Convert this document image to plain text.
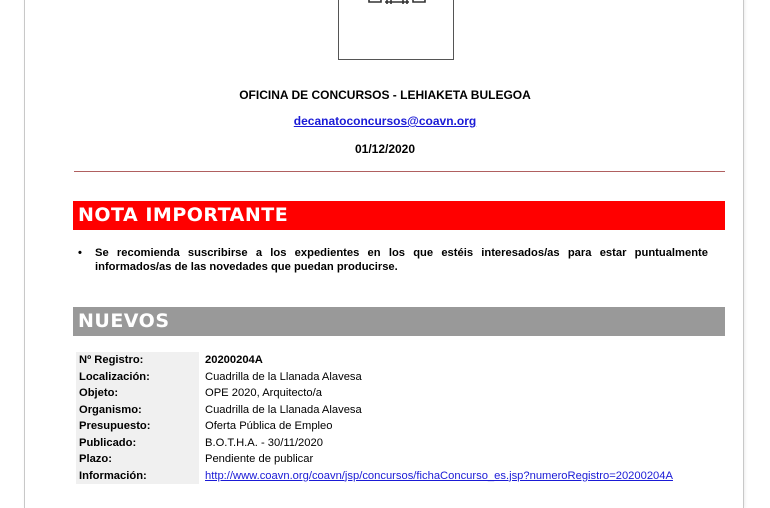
OFICINA DE CONCURSOS - LEHIAKETA BULEGOA
decanatoconcursos@coavn.org
01/12/2020
NOTA IMPORTANTE
•	Se recomienda suscribirse a los expedientes en los que estéis interesados/as para estar puntualmente informados/as de las novedades que puedan producirse.
NUEVOS
Nº Registro:	20200204A
Localización:	Cuadrilla de la Llanada Alavesa
Objeto:	OPE 2020, Arquitecto/a
Organismo:	Cuadrilla de la Llanada Alavesa
Presupuesto:	Oferta Pública de Empleo
Publicado:	B.O.T.H.A. - 30/11/2020
Plazo:	Pendiente de publicar
Información:	http://www.coavn.org/coavn/jsp/concursos/fichaConcurso_es.jsp?numeroRegistro=20200204A
